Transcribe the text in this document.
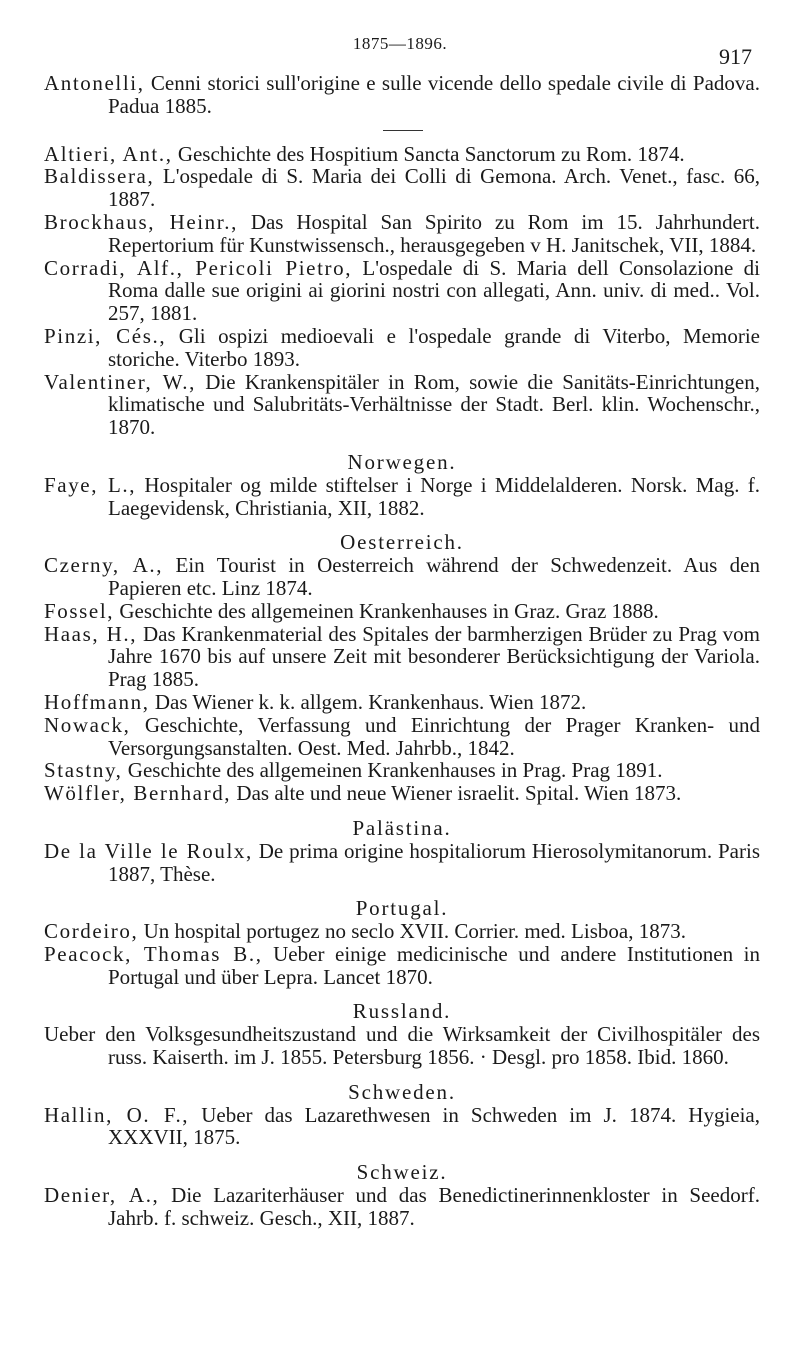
1875—1896.
917

Antonelli, Cenni storici sull'origine e sulle vicende dello spedale civile di Padova. Padua 1885.

Altieri, Ant., Geschichte des Hospitium Sancta Sanctorum zu Rom. 1874.

Baldissera, L'ospedale di S. Maria dei Colli di Gemona. Arch. Venet., fasc. 66, 1887.

Brockhaus, Heinr., Das Hospital San Spirito zu Rom im 15. Jahrhundert. Repertorium für Kunstwissensch., herausgegeben v H. Janitschek, VII, 1884.

Corradi, Alf., Pericoli Pietro, L'ospedale di S. Maria dell Consolazione di Roma dalle sue origini ai giorini nostri con allegati, Ann. univ. di med.. Vol. 257, 1881.

Pinzi, Cés., Gli ospizi medioevali e l'ospedale grande di Viterbo, Memorie storiche. Viterbo 1893.

Valentiner, W., Die Krankenspitäler in Rom, sowie die Sanitäts-Einrichtungen, klimatische und Salubritäts-Verhältnisse der Stadt. Berl. klin. Wochenschr., 1870.

Norwegen.

Faye, L., Hospitaler og milde stiftelser i Norge i Middelalderen. Norsk. Mag. f. Laegevidensk, Christiania, XII, 1882.

Oesterreich.

Czerny, A., Ein Tourist in Oesterreich während der Schwedenzeit. Aus den Papieren etc. Linz 1874.

Fossel, Geschichte des allgemeinen Krankenhauses in Graz. Graz 1888.

Haas, H., Das Krankenmaterial des Spitales der barmherzigen Brüder zu Prag vom Jahre 1670 bis auf unsere Zeit mit besonderer Berücksichtigung der Variola. Prag 1885.

Hoffmann, Das Wiener k. k. allgem. Krankenhaus. Wien 1872.

Nowack, Geschichte, Verfassung und Einrichtung der Prager Kranken- und Versorgungsanstalten. Oest. Med. Jahrbb., 1842.

Stastny, Geschichte des allgemeinen Krankenhauses in Prag. Prag 1891.

Wölfler, Bernhard, Das alte und neue Wiener israelit. Spital. Wien 1873.

Palästina.

De la Ville le Roulx, De prima origine hospitaliorum Hierosolymitanorum. Paris 1887, Thèse.

Portugal.

Cordeiro, Un hospital portugez no seclo XVII. Corrier. med. Lisboa, 1873.

Peacock, Thomas B., Ueber einige medicinische und andere Institutionen in Portugal und über Lepra. Lancet 1870.

Russland.

Ueber den Volksgesundheitszustand und die Wirksamkeit der Civilhospitäler des russ. Kaiserth. im J. 1855. Petersburg 1856. · Desgl. pro 1858. Ibid. 1860.

Schweden.

Hallin, O. F., Ueber das Lazarethwesen in Schweden im J. 1874. Hygieia, XXXVII, 1875.

Schweiz.

Denier, A., Die Lazariterhäuser und das Benedictinerinnenkloster in Seedorf. Jahrb. f. schweiz. Gesch., XII, 1887.
